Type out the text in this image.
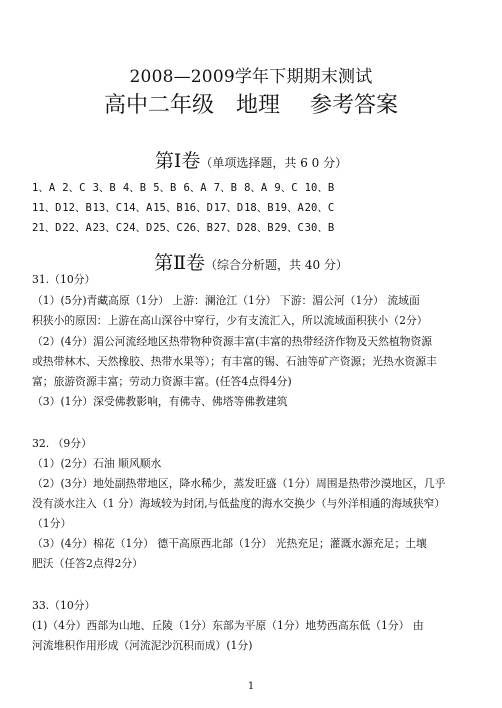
2008—2009学年下期期末测试
高中二年级 地理 参考答案
第Ⅰ卷（单项选择题，共 6 0 分）
1、A 2、C 3、B 4、B 5、B 6、A 7、B 8、A 9、C 10、B
11、D12、B13、C14、A15、B16、D17、D18、B19、A20、C
21、D22、A23、C24、D25、C26、B27、D28、B29、C30、B
第Ⅱ卷（综合分析题，共 40 分）
31.（10分）
（1）(5分)青藏高原（1分） 上游：澜沧江（1分） 下游：湄公河（1分） 流域面
积狭小的原因：上游在高山深谷中穿行，少有支流汇入，所以流域面积狭小（2分）
（2）(4分）湄公河流经地区热带物种资源丰富(丰富的热带经济作物及天然植物资源
或热带林木、天然橡胶、热带水果等）；有丰富的锡、石油等矿产资源；光热水资源丰
富；旅游资源丰富；劳动力资源丰富。(任答4点得4分)
（3）(1分）深受佛教影响，有佛寺、佛塔等佛教建筑
32. （9分）
（1）(2分）石油 顺风顺水
（2）(3分）地处副热带地区，降水稀少，蒸发旺盛（1分）周围是热带沙漠地区，几乎
没有淡水注入（1 分）海域较为封闭,与低盐度的海水交换少（与外洋相通的海域狭窄）
（1分）
（3）(4分）棉花（1分） 德干高原西北部（1分） 光热充足；灌溉水源充足；土壤
肥沃（任答2点得2分）
33.（10分）
(1)（4分）西部为山地、丘陵（1分）东部为平原（1分）地势西高东低（1分） 由
河流堆积作用形成（河流泥沙沉积而成）(1分)
1
